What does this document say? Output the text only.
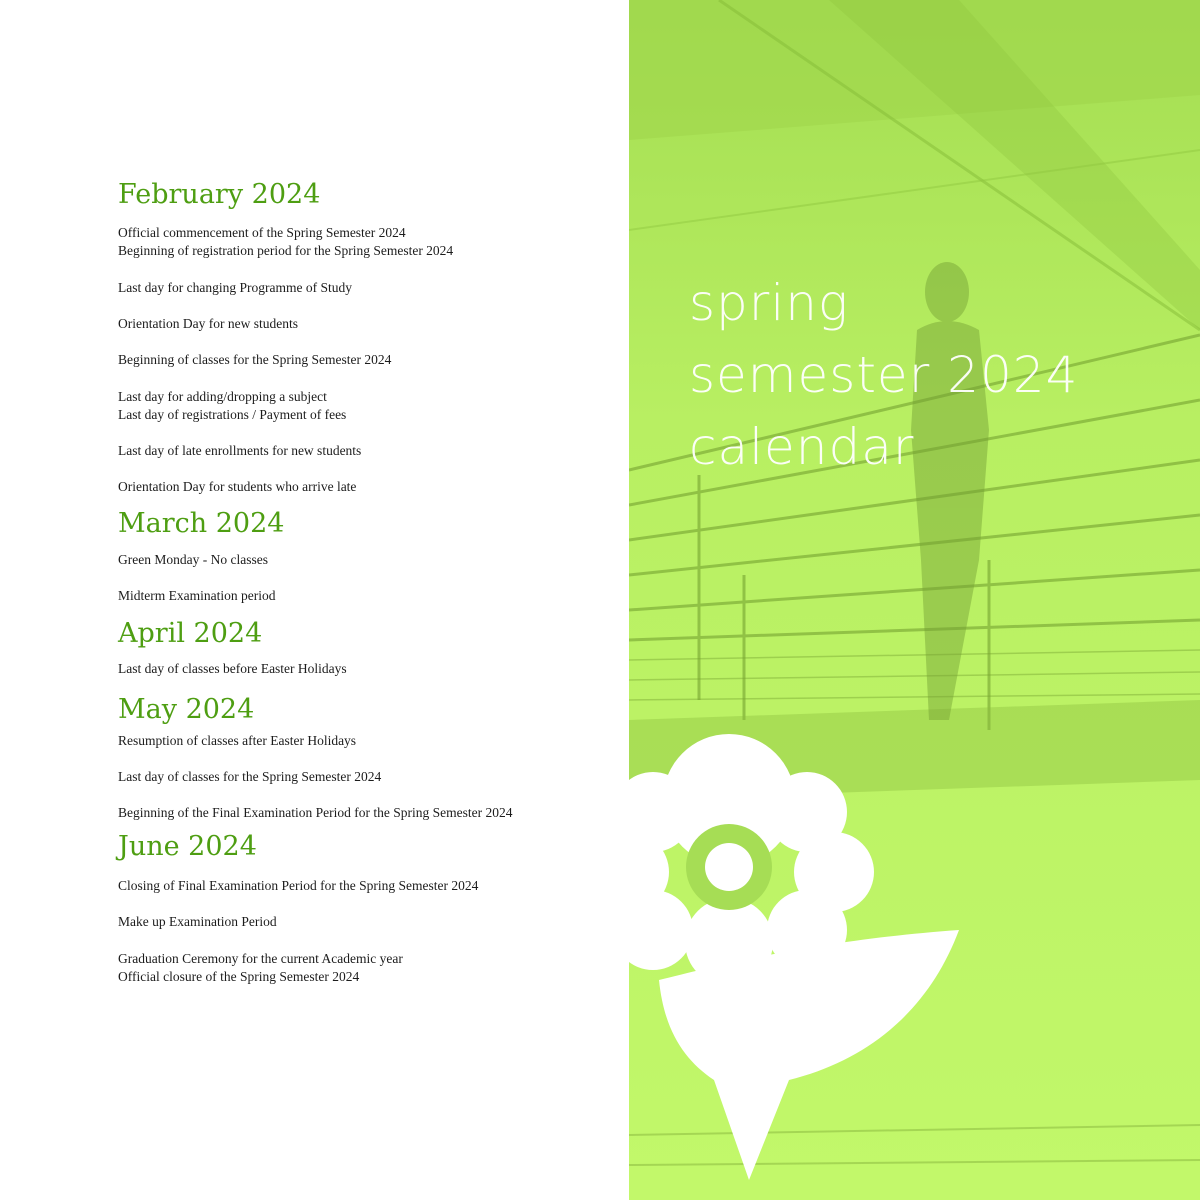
February 2024
Official commencement of the Spring Semester 2024
Beginning of registration period for the Spring Semester 2024
Last day for changing Programme of Study
Orientation Day for new students
Beginning of classes for the Spring Semester 2024
Last day for adding/dropping a subject
Last day of registrations / Payment of fees
Last day of late enrollments for new students
Orientation Day for students who arrive late
March 2024
Green Monday - No classes
Midterm Examination period
April 2024
Last day of classes before Easter Holidays
May 2024
Resumption of classes after Easter Holidays
Last day of classes for the Spring Semester 2024
Beginning of the Final Examination Period for the Spring Semester 2024
June 2024
Closing of Final Examination Period for the Spring Semester 2024
Make up Examination Period
Graduation Ceremony for the current Academic year
Official closure of the Spring Semester 2024
spring
semester 2024
calendar
